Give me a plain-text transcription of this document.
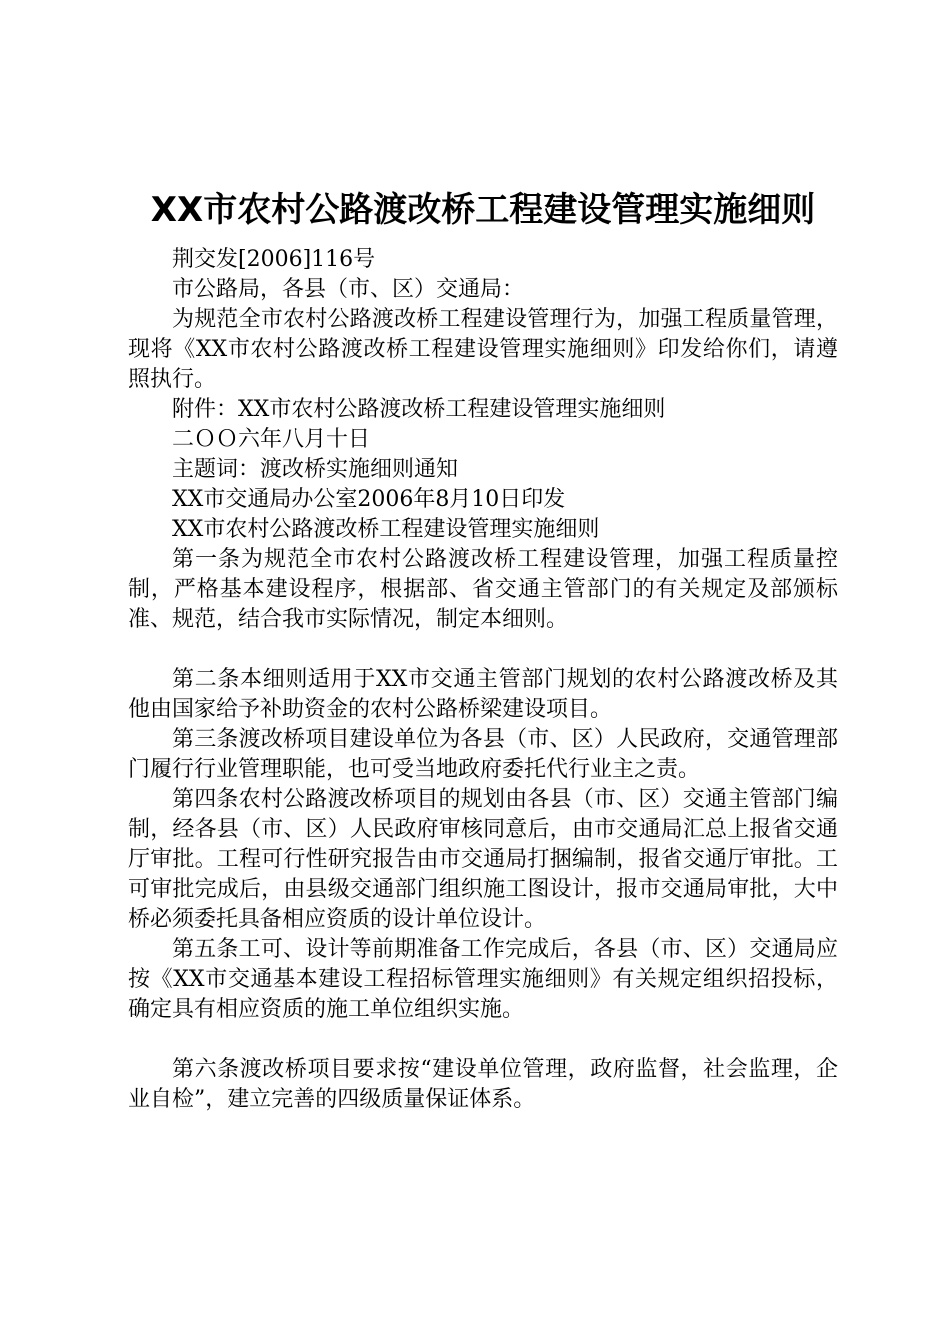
XX市农村公路渡改桥工程建设管理实施细则

荆交发[2006]116号

市公路局，各县（市、区）交通局：

为规范全市农村公路渡改桥工程建设管理行为，加强工程质量管理，现将《XX市农村公路渡改桥工程建设管理实施细则》印发给你们，请遵照执行。

附件：XX市农村公路渡改桥工程建设管理实施细则

二ＯＯ六年八月十日

主题词：渡改桥实施细则通知

XX市交通局办公室2006年8月10日印发

XX市农村公路渡改桥工程建设管理实施细则

第一条为规范全市农村公路渡改桥工程建设管理，加强工程质量控制，严格基本建设程序，根据部、省交通主管部门的有关规定及部颁标准、规范，结合我市实际情况，制定本细则。

第二条本细则适用于XX市交通主管部门规划的农村公路渡改桥及其他由国家给予补助资金的农村公路桥梁建设项目。

第三条渡改桥项目建设单位为各县（市、区）人民政府，交通管理部门履行行业管理职能，也可受当地政府委托代行业主之责。

第四条农村公路渡改桥项目的规划由各县（市、区）交通主管部门编制，经各县（市、区）人民政府审核同意后，由市交通局汇总上报省交通厅审批。工程可行性研究报告由市交通局打捆编制，报省交通厅审批。工可审批完成后，由县级交通部门组织施工图设计，报市交通局审批，大中桥必须委托具备相应资质的设计单位设计。

第五条工可、设计等前期准备工作完成后，各县（市、区）交通局应按《XX市交通基本建设工程招标管理实施细则》有关规定组织招投标，确定具有相应资质的施工单位组织实施。

第六条渡改桥项目要求按“建设单位管理，政府监督，社会监理，企业自检”，建立完善的四级质量保证体系。
